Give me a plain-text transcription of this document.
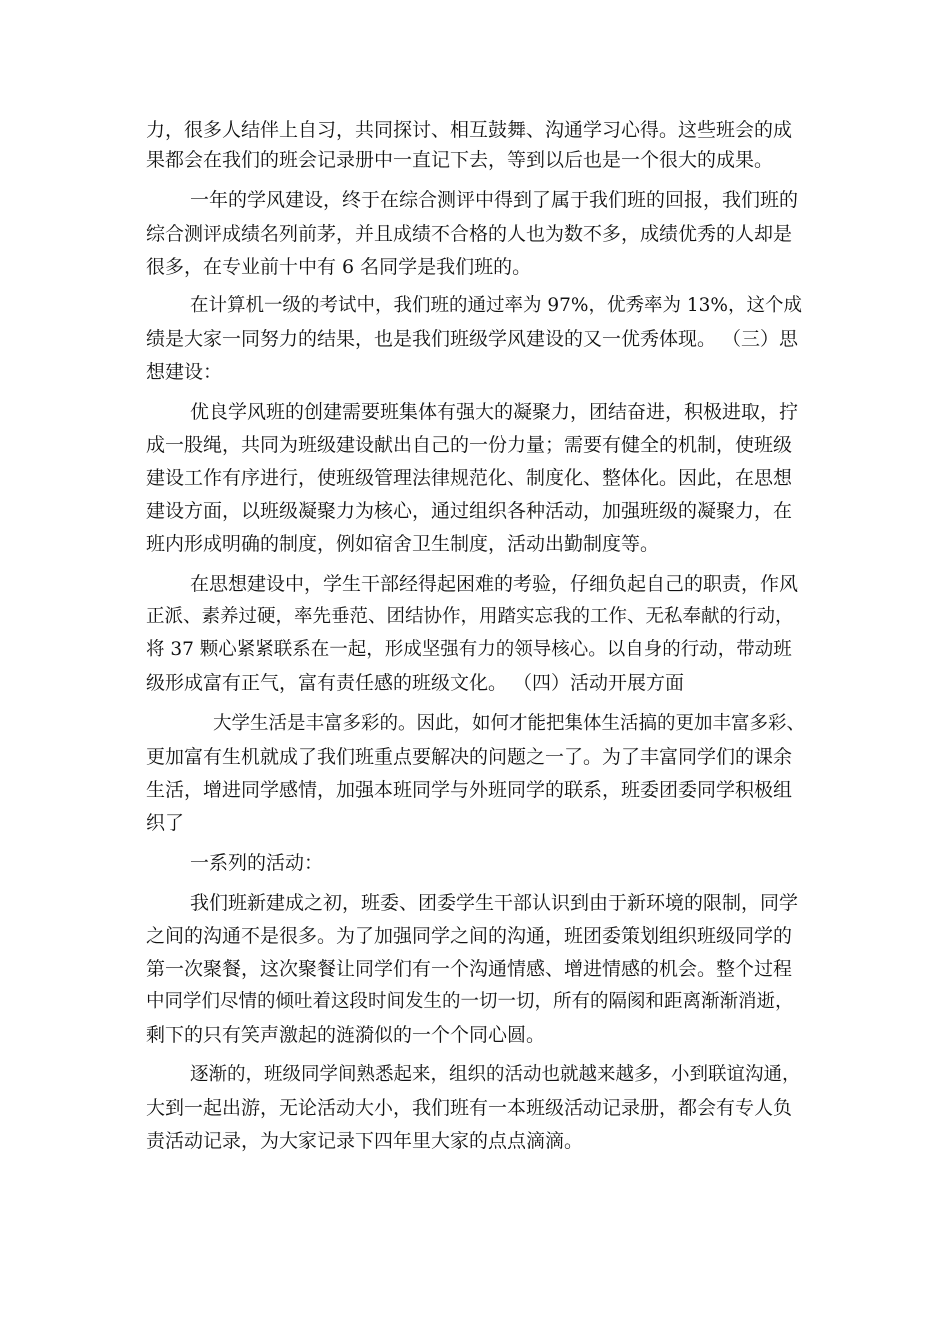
力，很多人结伴上自习，共同探讨、相互鼓舞、沟通学习心得。这些班会的成
果都会在我们的班会记录册中一直记下去，等到以后也是一个很大的成果。
一年的学风建设，终于在综合测评中得到了属于我们班的回报，我们班的
综合测评成绩名列前茅，并且成绩不合格的人也为数不多，成绩优秀的人却是
很多，在专业前十中有 6 名同学是我们班的。
在计算机一级的考试中，我们班的通过率为 97%，优秀率为 13%，这个成
绩是大家一同努力的结果，也是我们班级学风建设的又一优秀体现。 （三）思
想建设：
优良学风班的创建需要班集体有强大的凝聚力，团结奋进，积极进取，拧
成一股绳，共同为班级建设献出自己的一份力量；需要有健全的机制，使班级
建设工作有序进行，使班级管理法律规范化、制度化、整体化。因此，在思想
建设方面，以班级凝聚力为核心，通过组织各种活动，加强班级的凝聚力，在
班内形成明确的制度，例如宿舍卫生制度，活动出勤制度等。
在思想建设中，学生干部经得起困难的考验，仔细负起自己的职责，作风
正派、素养过硬，率先垂范、团结协作，用踏实忘我的工作、无私奉献的行动，
将 37 颗心紧紧联系在一起，形成坚强有力的领导核心。以自身的行动，带动班
级形成富有正气，富有责任感的班级文化。 （四）活动开展方面
大学生活是丰富多彩的。因此，如何才能把集体生活搞的更加丰富多彩、
更加富有生机就成了我们班重点要解决的问题之一了。为了丰富同学们的课余
生活，增进同学感情，加强本班同学与外班同学的联系，班委团委同学积极组
织了
一系列的活动：
我们班新建成之初，班委、团委学生干部认识到由于新环境的限制，同学
之间的沟通不是很多。为了加强同学之间的沟通，班团委策划组织班级同学的
第一次聚餐，这次聚餐让同学们有一个沟通情感、增进情感的机会。整个过程
中同学们尽情的倾吐着这段时间发生的一切一切，所有的隔阂和距离渐渐消逝，
剩下的只有笑声激起的涟漪似的一个个同心圆。
逐渐的，班级同学间熟悉起来，组织的活动也就越来越多，小到联谊沟通，
大到一起出游，无论活动大小，我们班有一本班级活动记录册，都会有专人负
责活动记录，为大家记录下四年里大家的点点滴滴。
